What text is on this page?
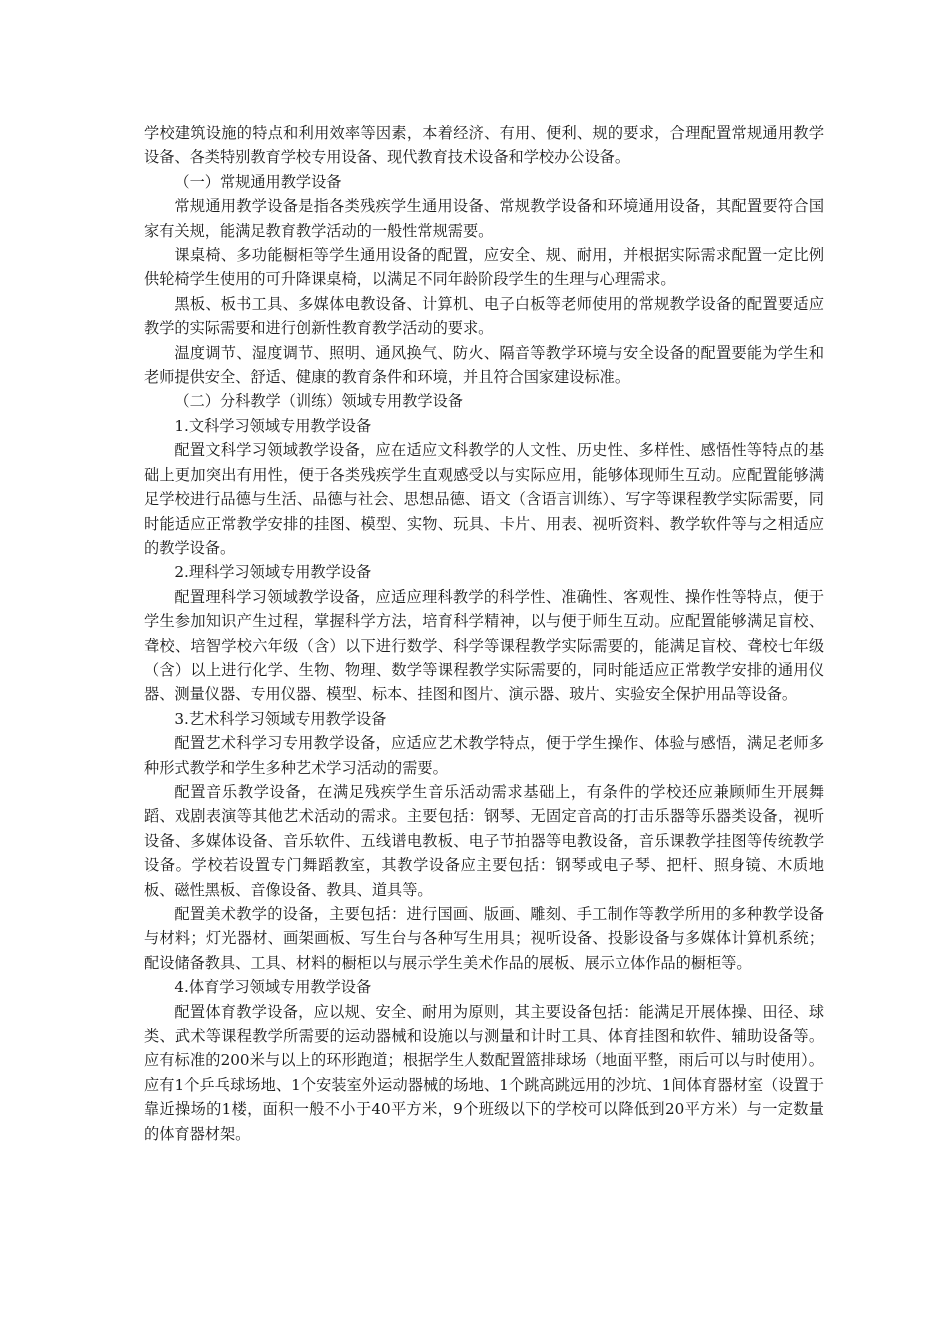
学校建筑设施的特点和利用效率等因素，本着经济、有用、便利、规的要求，合理配置常规通用教学设备、各类特别教育学校专用设备、现代教育技术设备和学校办公设备。

（一）常规通用教学设备

常规通用教学设备是指各类残疾学生通用设备、常规教学设备和环境通用设备，其配置要符合国家有关规，能满足教育教学活动的一般性常规需要。

课桌椅、多功能橱柜等学生通用设备的配置，应安全、规、耐用，并根据实际需求配置一定比例供轮椅学生使用的可升降课桌椅，以满足不同年龄阶段学生的生理与心理需求。

黑板、板书工具、多媒体电教设备、计算机、电子白板等老师使用的常规教学设备的配置要适应教学的实际需要和进行创新性教育教学活动的要求。

温度调节、湿度调节、照明、通风换气、防火、隔音等教学环境与安全设备的配置要能为学生和老师提供安全、舒适、健康的教育条件和环境，并且符合国家建设标准。

（二）分科教学（训练）领域专用教学设备

1.文科学习领域专用教学设备

配置文科学习领域教学设备，应在适应文科教学的人文性、历史性、多样性、感悟性等特点的基础上更加突出有用性，便于各类残疾学生直观感受以与实际应用，能够体现师生互动。应配置能够满足学校进行品德与生活、品德与社会、思想品德、语文（含语言训练）、写字等课程教学实际需要，同时能适应正常教学安排的挂图、模型、实物、玩具、卡片、用表、视听资料、教学软件等与之相适应的教学设备。

2.理科学习领域专用教学设备

配置理科学习领域教学设备，应适应理科教学的科学性、准确性、客观性、操作性等特点，便于学生参加知识产生过程，掌握科学方法，培育科学精神，以与便于师生互动。应配置能够满足盲校、聋校、培智学校六年级（含）以下进行数学、科学等课程教学实际需要的，能满足盲校、聋校七年级（含）以上进行化学、生物、物理、数学等课程教学实际需要的，同时能适应正常教学安排的通用仪器、测量仪器、专用仪器、模型、标本、挂图和图片、演示器、玻片、实验安全保护用品等设备。

3.艺术科学习领域专用教学设备

配置艺术科学习专用教学设备，应适应艺术教学特点，便于学生操作、体验与感悟，满足老师多种形式教学和学生多种艺术学习活动的需要。

配置音乐教学设备，在满足残疾学生音乐活动需求基础上，有条件的学校还应兼顾师生开展舞蹈、戏剧表演等其他艺术活动的需求。主要包括：钢琴、无固定音高的打击乐器等乐器类设备，视听设备、多媒体设备、音乐软件、五线谱电教板、电子节拍器等电教设备，音乐课教学挂图等传统教学设备。学校若设置专门舞蹈教室，其教学设备应主要包括：钢琴或电子琴、把杆、照身镜、木质地板、磁性黑板、音像设备、教具、道具等。

配置美术教学的设备，主要包括：进行国画、版画、雕刻、手工制作等教学所用的多种教学设备与材料；灯光器材、画架画板、写生台与各种写生用具；视听设备、投影设备与多媒体计算机系统；配设储备教具、工具、材料的橱柜以与展示学生美术作品的展板、展示立体作品的橱柜等。

4.体育学习领域专用教学设备

配置体育教学设备，应以规、安全、耐用为原则，其主要设备包括：能满足开展体操、田径、球类、武术等课程教学所需要的运动器械和设施以与测量和计时工具、体育挂图和软件、辅助设备等。应有标准的200米与以上的环形跑道；根据学生人数配置篮排球场（地面平整，雨后可以与时使用）。应有1个乒乓球场地、1个安装室外运动器械的场地、1个跳高跳远用的沙坑、1间体育器材室（设置于靠近操场的1楼，面积一般不小于40平方米，9个班级以下的学校可以降低到20平方米）与一定数量的体育器材架。
